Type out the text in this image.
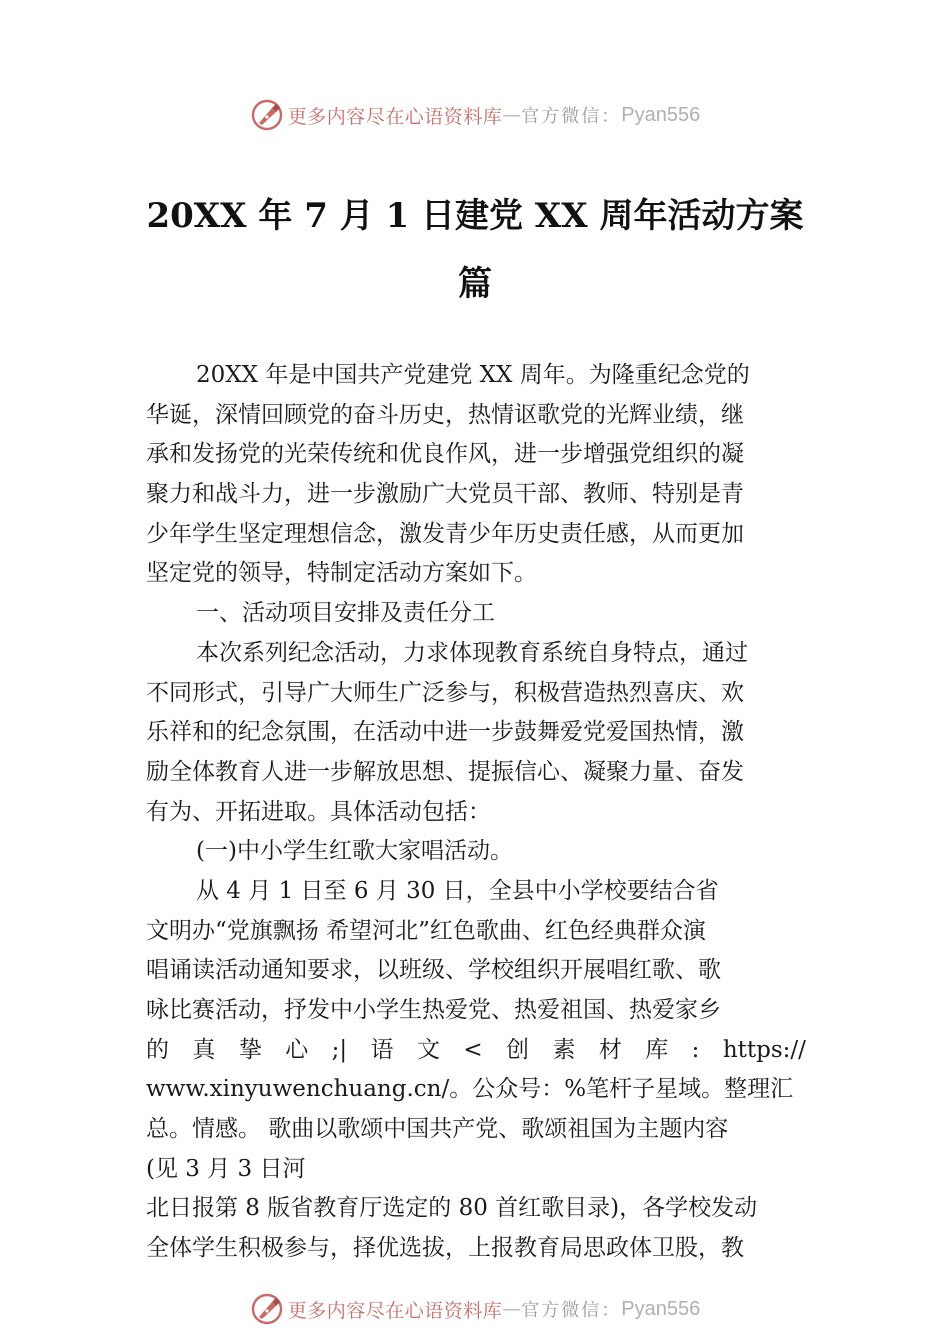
更多内容尽在心语资料库 — 官方微信： Pyan556
20XX 年 7 月 1 日建党 XX 周年活动方案
篇
20XX 年是中国共产党建党 XX 周年。为隆重纪念党的
华诞，深情回顾党的奋斗历史，热情讴歌党的光辉业绩，继
承和发扬党的光荣传统和优良作风，进一步增强党组织的凝
聚力和战斗力，进一步激励广大党员干部、教师、特别是青
少年学生坚定理想信念，激发青少年历史责任感，从而更加
坚定党的领导，特制定活动方案如下。
一、活动项目安排及责任分工
本次系列纪念活动，力求体现教育系统自身特点，通过
不同形式，引导广大师生广泛参与，积极营造热烈喜庆、欢
乐祥和的纪念氛围，在活动中进一步鼓舞爱党爱国热情，激
励全体教育人进一步解放思想、提振信心、凝聚力量、奋发
有为、开拓进取。具体活动包括：
(一)中小学生红歌大家唱活动。
从 4 月 1 日至 6 月 30 日，全县中小学校要结合省
文明办“党旗飘扬 希望河北”红色歌曲、红色经典群众演
唱诵读活动通知要求，以班级、学校组织开展唱红歌、歌
咏比赛活动，抒发中小学生热爱党、热爱祖国、热爱家乡
的 真 挚 心 ;| 语 文 < 创 素 材 库 : https://
www.xinyuwenchuang.cn/。公众号：%笔杆子星域。整理汇
总。情感。 歌曲以歌颂中国共产党、歌颂祖国为主题内容
(见 3 月 3 日河
北日报第 8 版省教育厅选定的 80 首红歌目录)，各学校发动
全体学生积极参与，择优选拔，上报教育局思政体卫股，教
更多内容尽在心语资料库 — 官方微信： Pyan556
